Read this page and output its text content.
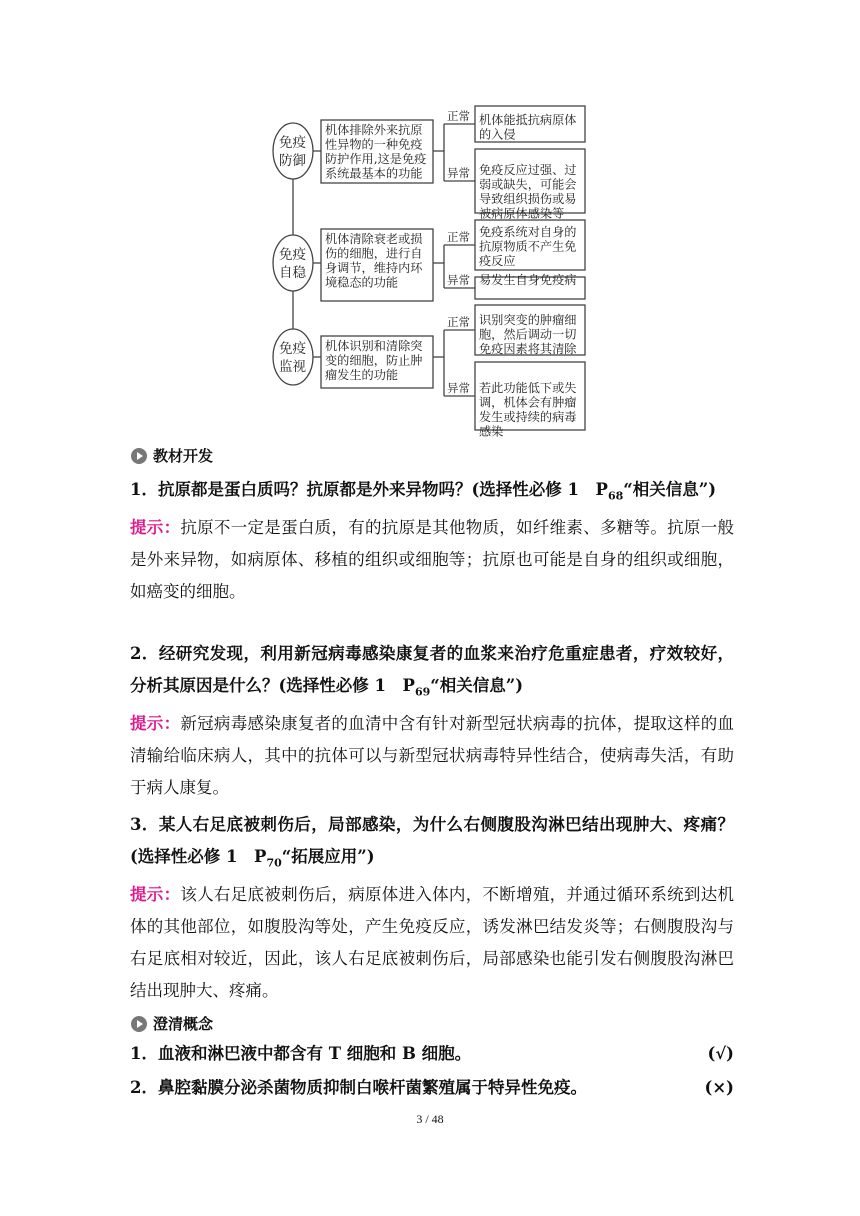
免疫
防御
机体排除外来抗原
性异物的一种免疫
防护作用,这是免疫
系统最基本的功能
正常 机体能抵抗病原体
的入侵
异常 免疫反应过强、过
弱或缺失，可能会
导致组织损伤或易
被病原体感染等
免疫
自稳
机体清除衰老或损
伤的细胞，进行自
身调节，维持内环
境稳态的功能
正常 免疫系统对自身的
抗原物质不产生免
疫反应
异常 易发生自身免疫病
免疫
监视
机体识别和清除突
变的细胞，防止肿
瘤发生的功能
正常 识别突变的肿瘤细
胞，然后调动一切
免疫因素将其清除
异常 若此功能低下或失
调，机体会有肿瘤
发生或持续的病毒
感染
教材开发
1．抗原都是蛋白质吗？抗原都是外来异物吗？(选择性必修 1　$P_{68}“$相关信息”)
提示：抗原不一定是蛋白质，有的抗原是其他物质，如纤维素、多糖等。抗原一般是外来异物，如病原体、移植的组织或细胞等；抗原也可能是自身的组织或细胞，如癌变的细胞。
2．经研究发现，利用新冠病毒感染康复者的血浆来治疗危重症患者，疗效较好，分析其原因是什么？(选择性必修 1　$P_{69}“$相关信息”)
提示：新冠病毒感染康复者的血清中含有针对新型冠状病毒的抗体，提取这样的血清输给临床病人，其中的抗体可以与新型冠状病毒特异性结合，使病毒失活，有助于病人康复。
3．某人右足底被刺伤后，局部感染，为什么右侧腹股沟淋巴结出现肿大、疼痛？(选择性必修 1　$P_{70}“$拓展应用”)
提示：该人右足底被刺伤后，病原体进入体内，不断增殖，并通过循环系统到达机体的其他部位，如腹股沟等处，产生免疫反应，诱发淋巴结发炎等；右侧腹股沟与右足底相对较近，因此，该人右足底被刺伤后，局部感染也能引发右侧腹股沟淋巴结出现肿大、疼痛。
澄清概念
1．血液和淋巴液中都含有 T 细胞和 B 细胞。	(√)
2．鼻腔黏膜分泌杀菌物质抑制白喉杆菌繁殖属于特异性免疫。	(×)
3 / 48
